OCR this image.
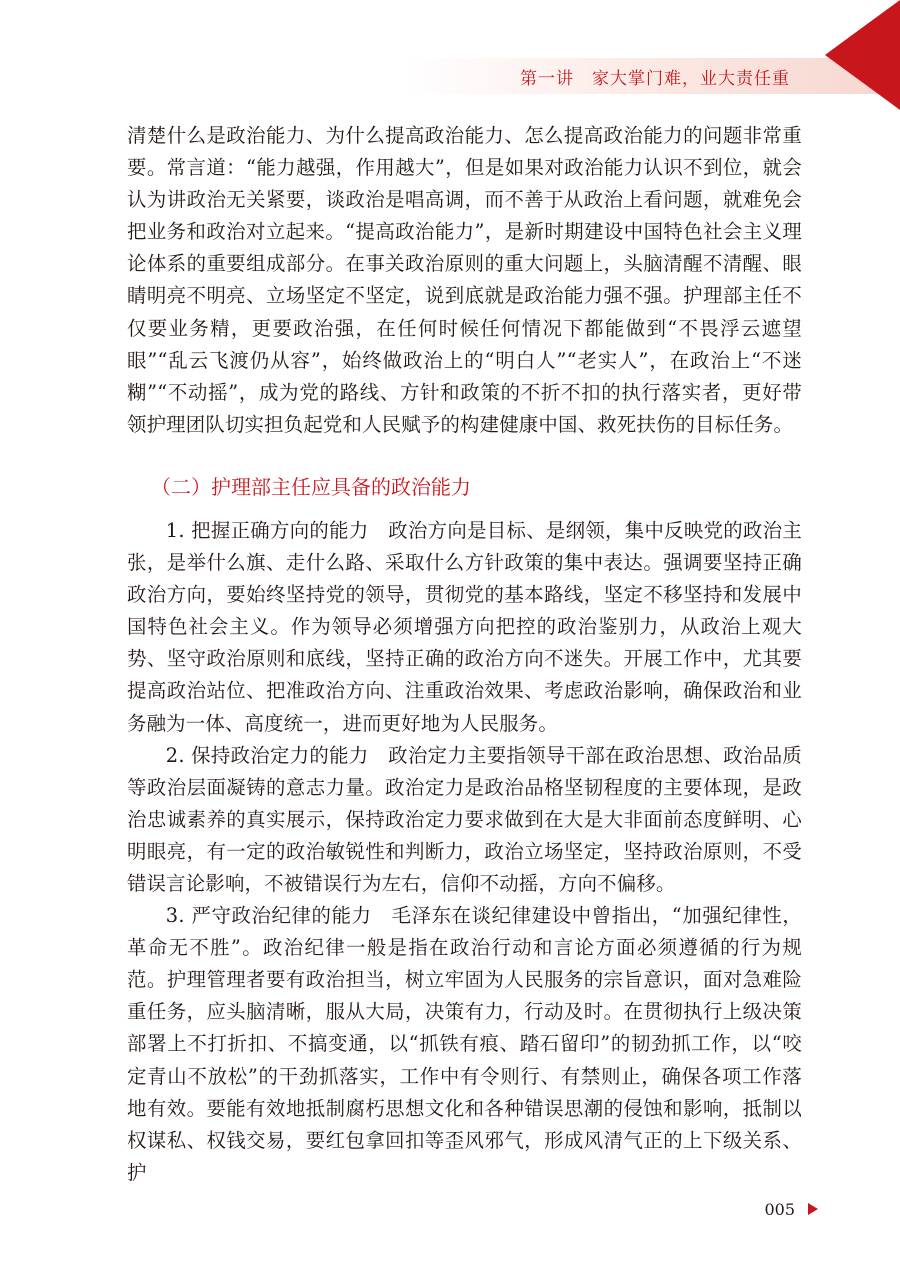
第一讲　家大掌门难，业大责任重

清楚什么是政治能力、为什么提高政治能力、怎么提高政治能力的问题非常重要。常言道：“能力越强，作用越大”，但是如果对政治能力认识不到位，就会认为讲政治无关紧要，谈政治是唱高调，而不善于从政治上看问题，就难免会把业务和政治对立起来。“提高政治能力”，是新时期建设中国特色社会主义理论体系的重要组成部分。在事关政治原则的重大问题上，头脑清醒不清醒、眼睛明亮不明亮、立场坚定不坚定，说到底就是政治能力强不强。护理部主任不仅要业务精，更要政治强，在任何时候任何情况下都能做到“不畏浮云遮望眼”“乱云飞渡仍从容”，始终做政治上的“明白人”“老实人”，在政治上“不迷糊”“不动摇”，成为党的路线、方针和政策的不折不扣的执行落实者，更好带领护理团队切实担负起党和人民赋予的构建健康中国、救死扶伤的目标任务。

（二）护理部主任应具备的政治能力

1. 把握正确方向的能力　 政治方向是目标、是纲领，集中反映党的政治主张，是举什么旗、走什么路、采取什么方针政策的集中表达。强调要坚持正确政治方向，要始终坚持党的领导，贯彻党的基本路线，坚定不移坚持和发展中国特色社会主义。作为领导必须增强方向把控的政治鉴别力，从政治上观大势、坚守政治原则和底线，坚持正确的政治方向不迷失。开展工作中，尤其要提高政治站位、把准政治方向、注重政治效果、考虑政治影响，确保政治和业务融为一体、高度统一，进而更好地为人民服务。

2. 保持政治定力的能力　 政治定力主要指领导干部在政治思想、政治品质等政治层面凝铸的意志力量。政治定力是政治品格坚韧程度的主要体现，是政治忠诚素养的真实展示，保持政治定力要求做到在大是大非面前态度鲜明、心明眼亮，有一定的政治敏锐性和判断力，政治立场坚定，坚持政治原则，不受错误言论影响，不被错误行为左右，信仰不动摇，方向不偏移。

3. 严守政治纪律的能力　 毛泽东在谈纪律建设中曾指出，“加强纪律性，革命无不胜”。政治纪律一般是指在政治行动和言论方面必须遵循的行为规范。护理管理者要有政治担当，树立牢固为人民服务的宗旨意识，面对急难险重任务，应头脑清晰，服从大局，决策有力，行动及时。在贯彻执行上级决策部署上不打折扣、不搞变通，以“抓铁有痕、踏石留印”的韧劲抓工作，以“咬定青山不放松”的干劲抓落实，工作中有令则行、有禁则止，确保各项工作落地有效。要能有效地抵制腐朽思想文化和各种错误思潮的侵蚀和影响，抵制以权谋私、权钱交易，要红包拿回扣等歪风邪气，形成风清气正的上下级关系、护

005
